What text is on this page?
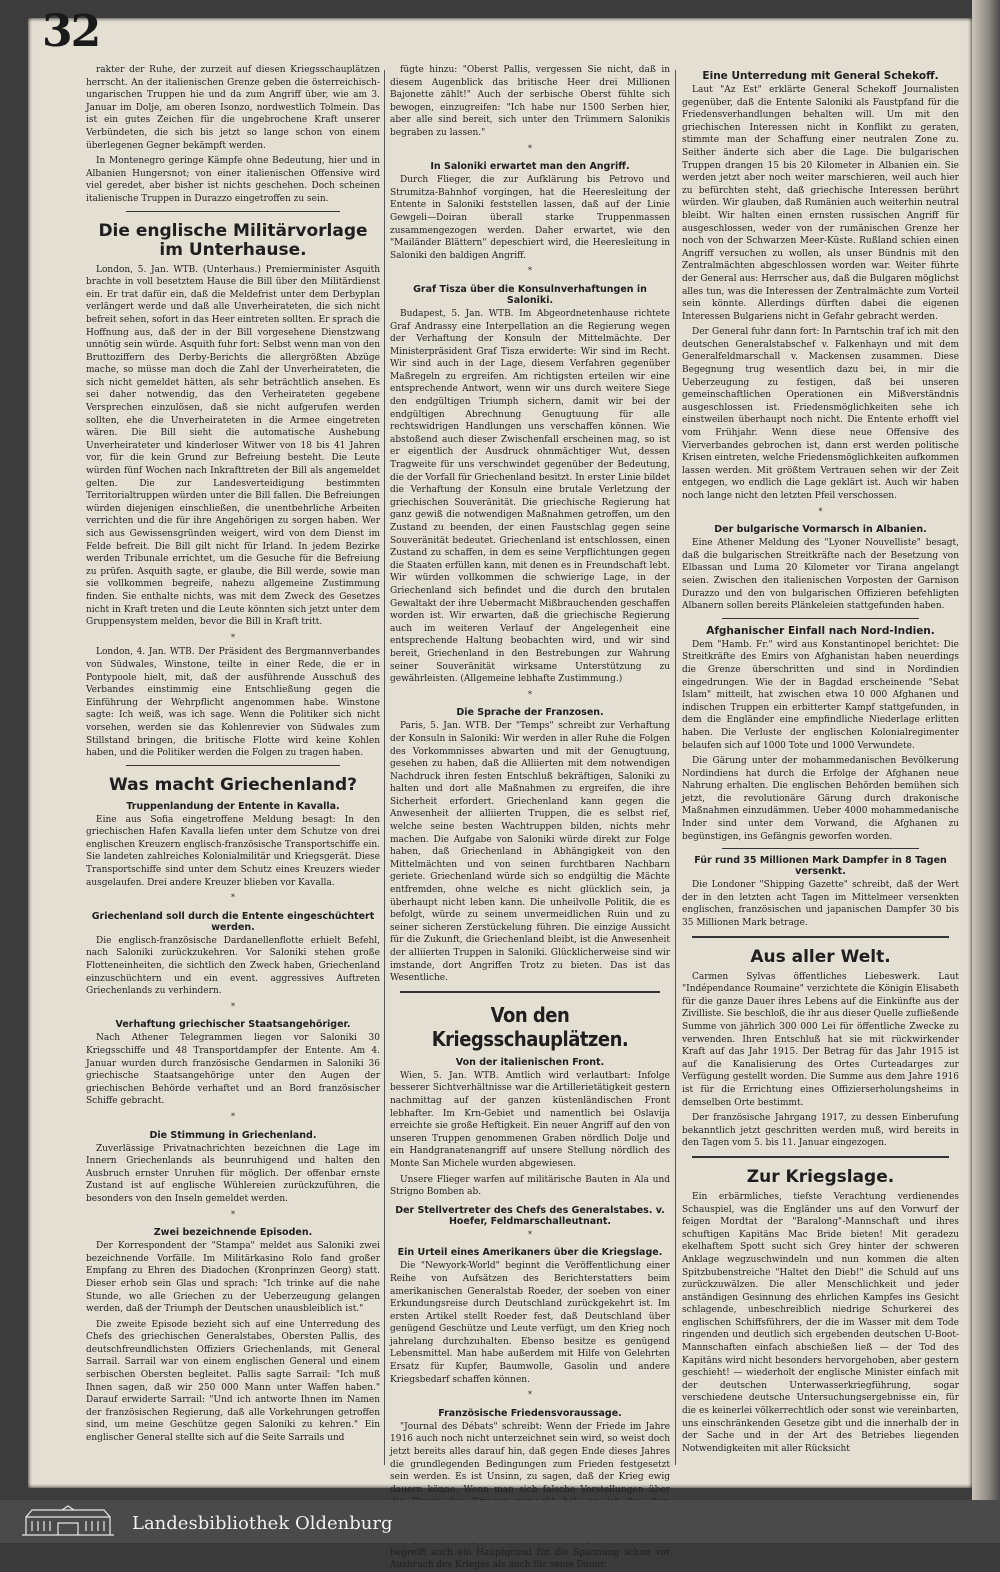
32

rakter der Ruhe, der zurzeit auf diesen Kriegsschauplätzen herrscht. An der italienischen Grenze geben die österreichisch-ungarischen Truppen hie und da zum Angriff über, wie am 3. Januar im Dolje, am oberen Isonzo, nordwestlich Tolmein. Das ist ein gutes Zeichen für die ungebrochene Kraft unserer Verbündeten, die sich bis jetzt so lange schon von einem überlegenen Gegner bekämpft werden.

In Montenegro geringe Kämpfe ohne Bedeutung, hier und in Albanien Hungersnot; von einer italienischen Offensive wird viel geredet, aber bisher ist nichts geschehen. Doch scheinen italienische Truppen in Durazzo eingetroffen zu sein.

Die englische Militärvorlage im Unterhause.

London, 5. Jan. WTB. (Unterhaus.) Premierminister Asquith brachte in voll besetztem Hause die Bill über den Militärdienst ein. Er trat dafür ein, daß die Meldefrist unter dem Derbyplan verlängert werde und daß alle Unverheirateten, die sich nicht befreit sehen, sofort in das Heer eintreten sollten. Er sprach die Hoffnung aus, daß der in der Bill vorgesehene Dienstzwang unnötig sein würde. Asquith fuhr fort: Selbst wenn man von den Bruttoziffern des Derby-Berichts die allergrößten Abzüge mache, so müsse man doch die Zahl der Unverheirateten, die sich nicht gemeldet hätten, als sehr beträchtlich ansehen. Es sei daher notwendig, das den Verheirateten gegebene Versprechen einzulösen, daß sie nicht aufgerufen werden sollten, ehe die Unverheirateten in die Armee eingetreten wären. Die Bill sieht die automatische Aushebung Unverheirateter und kinderloser Witwer von 18 bis 41 Jahren vor, für die kein Grund zur Befreiung besteht. Die Leute würden fünf Wochen nach Inkrafttreten der Bill als angemeldet gelten. Die zur Landesverteidigung bestimmten Territorialtruppen würden unter die Bill fallen. Die Befreiungen würden diejenigen einschließen, die unentbehrliche Arbeiten verrichten und die für ihre Angehörigen zu sorgen haben. Wer sich aus Gewissensgründen weigert, wird von dem Dienst im Felde befreit. Die Bill gilt nicht für Irland. In jedem Bezirke werden Tribunale errichtet, um die Gesuche für die Befreiung zu prüfen. Asquith sagte, er glaube, die Bill werde, sowie man sie vollkommen begreife, nahezu allgemeine Zustimmung finden. Sie enthalte nichts, was mit dem Zweck des Gesetzes nicht in Kraft treten und die Leute könnten sich jetzt unter dem Gruppensystem melden, bevor die Bill in Kraft tritt.

*

London, 4. Jan. WTB. Der Präsident des Bergmannverbandes von Südwales, Winstone, teilte in einer Rede, die er in Pontypoole hielt, mit, daß der ausführende Ausschuß des Verbandes einstimmig eine Entschließung gegen die Einführung der Wehrpflicht angenommen habe. Winstone sagte: Ich weiß, was ich sage. Wenn die Politiker sich nicht vorsehen, werden sie das Kohlenrevier von Südwales zum Stillstand bringen, die britische Flotte wird keine Kohlen haben, und die Politiker werden die Folgen zu tragen haben.

Was macht Griechenland?
Truppenlandung der Entente in Kavalla.

Eine aus Sofia eingetroffene Meldung besagt: In den griechischen Hafen Kavalla liefen unter dem Schutze von drei englischen Kreuzern englisch-französische Transportschiffe ein. Sie landeten zahlreiches Kolonialmilitär und Kriegsgerät. Diese Transportschiffe sind unter dem Schutz eines Kreuzers wieder ausgelaufen. Drei andere Kreuzer blieben vor Kavalla.

*
Griechenland soll durch die Entente eingeschüchtert werden.

Die englisch-französische Dardanellenflotte erhielt Befehl, nach Saloniki zurückzukehren. Vor Saloniki stehen große Flotteneinheiten, die sichtlich den Zweck haben, Griechenland einzuschüchtern und ein event. aggressives Auftreten Griechenlands zu verhindern.

*
Verhaftung griechischer Staatsangehöriger.

Nach Athener Telegrammen liegen vor Saloniki 30 Kriegsschiffe und 48 Transportdampfer der Entente. Am 4. Januar wurden durch französische Gendarmen in Saloniki 36 griechische Staatsangehörige unter den Augen der griechischen Behörde verhaftet und an Bord französischer Schiffe gebracht.

*
Die Stimmung in Griechenland.

Zuverlässige Privatnachrichten bezeichnen die Lage im Innern Griechenlands als beunruhigend und halten den Ausbruch ernster Unruhen für möglich. Der offenbar ernste Zustand ist auf englische Wühlereien zurückzuführen, die besonders von den Inseln gemeldet werden.

*
Zwei bezeichnende Episoden.

Der Korrespondent der "Stampa" meldet aus Saloniki zwei bezeichnende Vorfälle. Im Militärkasino Rolo fand großer Empfang zu Ehren des Diadochen (Kronprinzen Georg) statt. Dieser erhob sein Glas und sprach: "Ich trinke auf die nahe Stunde, wo alle Griechen zu der Ueberzeugung gelangen werden, daß der Triumph der Deutschen unausbleiblich ist."

Die zweite Episode bezieht sich auf eine Unterredung des Chefs des griechischen Generalstabes, Obersten Pallis, des deutschfreundlichsten Offiziers Griechenlands, mit General Sarrail. Sarrail war von einem englischen General und einem serbischen Obersten begleitet. Pallis sagte Sarrail: "Ich muß Ihnen sagen, daß wir 250 000 Mann unter Waffen haben." Darauf erwiderte Sarrail: "Und ich antworte Ihnen im Namen der französischen Regierung, daß alle Vorkehrungen getroffen sind, um meine Geschütze gegen Saloniki zu kehren." Ein englischer General stellte sich auf die Seite Sarrails und

fügte hinzu: "Oberst Pallis, vergessen Sie nicht, daß in diesem Augenblick das britische Heer drei Millionen Bajonette zählt!" Auch der serbische Oberst fühlte sich bewogen, einzugreifen: "Ich habe nur 1500 Serben hier, aber alle sind bereit, sich unter den Trümmern Salonikis begraben zu lassen."

*
In Saloniki erwartet man den Angriff.

Durch Flieger, die zur Aufklärung bis Petrovo und Strumitza-Bahnhof vorgingen, hat die Heeresleitung der Entente in Saloniki feststellen lassen, daß auf der Linie Gewgeli—Doiran überall starke Truppenmassen zusammengezogen werden. Daher erwartet, wie den "Mailänder Blättern" depeschiert wird, die Heeresleitung in Saloniki den baldigen Angriff.

*
Graf Tisza über die Konsulnverhaftungen in Saloniki.

Budapest, 5. Jan. WTB. Im Abgeordnetenhause richtete Graf Andrassy eine Interpellation an die Regierung wegen der Verhaftung der Konsuln der Mittelmächte. Der Ministerpräsident Graf Tisza erwiderte: Wir sind im Recht. Wir sind auch in der Lage, diesem Verfahren gegenüber Maßregeln zu ergreifen. Am richtigsten erteilen wir eine entsprechende Antwort, wenn wir uns durch weitere Siege den endgültigen Triumph sichern, damit wir bei der endgültigen Abrechnung Genugtuung für alle rechtswidrigen Handlungen uns verschaffen können. Wie abstoßend auch dieser Zwischenfall erscheinen mag, so ist er eigentlich der Ausdruck ohnmächtiger Wut, dessen Tragweite für uns verschwindet gegenüber der Bedeutung, die der Vorfall für Griechenland besitzt. In erster Linie bildet die Verhaftung der Konsuln eine brutale Verletzung der griechischen Souveränität. Die griechische Regierung hat ganz gewiß die notwendigen Maßnahmen getroffen, um den Zustand zu beenden, der einen Faustschlag gegen seine Souveränität bedeutet. Griechenland ist entschlossen, einen Zustand zu schaffen, in dem es seine Verpflichtungen gegen die Staaten erfüllen kann, mit denen es in Freundschaft lebt. Wir würden vollkommen die schwierige Lage, in der Griechenland sich befindet und die durch den brutalen Gewaltakt der ihre Uebermacht Mißbrauchenden geschaffen worden ist. Wir erwarten, daß die griechische Regierung auch im weiteren Verlauf der Angelegenheit eine entsprechende Haltung beobachten wird, und wir sind bereit, Griechenland in den Bestrebungen zur Wahrung seiner Souveränität wirksame Unterstützung zu gewährleisten. (Allgemeine lebhafte Zustimmung.)

*
Die Sprache der Franzosen.

Paris, 5. Jan. WTB. Der "Temps" schreibt zur Verhaftung der Konsuln in Saloniki: Wir werden in aller Ruhe die Folgen des Vorkommnisses abwarten und mit der Genugtuung, gesehen zu haben, daß die Alliierten mit dem notwendigen Nachdruck ihren festen Entschluß bekräftigen, Saloniki zu halten und dort alle Maßnahmen zu ergreifen, die ihre Sicherheit erfordert. Griechenland kann gegen die Anwesenheit der alliierten Truppen, die es selbst rief, welche seine besten Wachtruppen bilden, nichts mehr machen. Die Aufgabe von Saloniki würde direkt zur Folge haben, daß Griechenland in Abhängigkeit von den Mittelmächten und von seinen furchtbaren Nachbarn geriete. Griechenland würde sich so endgültig die Mächte entfremden, ohne welche es nicht glücklich sein, ja überhaupt nicht leben kann. Die unheilvolle Politik, die es befolgt, würde zu seinem unvermeidlichen Ruin und zu seiner sicheren Zerstückelung führen. Die einzige Aussicht für die Zukunft, die Griechenland bleibt, ist die Anwesenheit der alliierten Truppen in Saloniki. Glücklicherweise sind wir imstande, dort Angriffen Trotz zu bieten. Das ist das Wesentliche.

Von den Kriegsschauplätzen.
Von der italienischen Front.

Wien, 5. Jan. WTB. Amtlich wird verlautbart: Infolge besserer Sichtverhältnisse war die Artillerietätigkeit gestern nachmittag auf der ganzen küstenländischen Front lebhafter. Im Krn-Gebiet und namentlich bei Oslavija erreichte sie große Heftigkeit. Ein neuer Angriff auf den von unseren Truppen genommenen Graben nördlich Dolje und ein Handgranatenangriff auf unsere Stellung nördlich des Monte San Michele wurden abgewiesen.

Unsere Flieger warfen auf militärische Bauten in Ala und Strigno Bomben ab.

Der Stellvertreter des Chefs des Generalstabes. v. Hoefer, Feldmarschalleutnant.
*
Ein Urteil eines Amerikaners über die Kriegslage.

Die "Newyork-World" beginnt die Veröffentlichung einer Reihe von Aufsätzen des Berichterstatters beim amerikanischen Generalstab Roeder, der soeben von einer Erkundungsreise durch Deutschland zurückgekehrt ist. Im ersten Artikel stellt Roeder fest, daß Deutschland über genügend Geschütze und Leute verfügt, um den Krieg noch jahrelang durchzuhalten. Ebenso besitze es genügend Lebensmittel. Man habe außerdem mit Hilfe von Gelehrten Ersatz für Kupfer, Baumwolle, Gasolin und andere Kriegsbedarf schaffen können.

*
Französische Friedensvoraussage.

"Journal des Débats" schreibt: Wenn der Friede im Jahre 1916 auch noch nicht unterzeichnet sein wird, so weist doch jetzt bereits alles darauf hin, daß gegen Ende dieses Jahres die grundlegenden Bedingungen zum Frieden festgesetzt sein werden. Es ist Unsinn, zu sagen, daß der Krieg ewig dauern könne. Wenn man sich falsche Vorstellungen über begreift auch ein Hauptgrund für die Spannung schon vor Ausbruch des Krieges als auch für seine Dauer.

Eine Unterredung mit General Schekoff.

Laut "Az Est" erklärte General Schekoff Journalisten gegenüber, daß die Entente Saloniki als Faustpfand für die Friedensverhandlungen behalten will. Um mit den griechischen Interessen nicht in Konflikt zu geraten, stimmte man der Schaffung einer neutralen Zone zu. Seither änderte sich aber die Lage. Die bulgarischen Truppen drangen 15 bis 20 Kilometer in Albanien ein. Sie werden jetzt aber noch weiter marschieren, weil auch hier zu befürchten steht, daß griechische Interessen berührt würden. Wir glauben, daß Rumänien auch weiterhin neutral bleibt. Wir halten einen ernsten russischen Angriff für ausgeschlossen, weder von der rumänischen Grenze her noch von der Schwarzen Meer-Küste. Rußland schien einen Angriff versuchen zu wollen, als unser Bündnis mit den Zentralmächten abgeschlossen worden war. Weiter führte der General aus: Herrscher aus, daß die Bulgaren möglichst alles tun, was die Interessen der Zentralmächte zum Vorteil sein könnte. Allerdings dürften dabei die eigenen Interessen Bulgariens nicht in Gefahr gebracht werden.

Der General fuhr dann fort: In Parntschin traf ich mit den deutschen Generalstabschef v. Falkenhayn und mit dem Generalfeldmarschall v. Mackensen zusammen. Diese Begegnung trug wesentlich dazu bei, in mir die Ueberzeugung zu festigen, daß bei unseren gemeinschaftlichen Operationen ein Mißverständnis ausgeschlossen ist. Friedensmöglichkeiten sehe ich einstweilen überhaupt noch nicht. Die Entente erhofft viel vom Frühjahr. Wenn diese neue Offensive des Vierverbandes gebrochen ist, dann erst werden politische Krisen eintreten, welche Friedensmöglichkeiten aufkommen lassen werden. Mit größtem Vertrauen sehen wir der Zeit entgegen, wo endlich die Lage geklärt ist. Auch wir haben noch lange nicht den letzten Pfeil verschossen.

*
Der bulgarische Vormarsch in Albanien.

Eine Athener Meldung des "Lyoner Nouvelliste" besagt, daß die bulgarischen Streitkräfte nach der Besetzung von Elbassan und Luma 20 Kilometer vor Tirana angelangt seien. Zwischen den italienischen Vorposten der Garnison Durazzo und den von bulgarischen Offizieren befehligten Albanern sollen bereits Plänkeleien stattgefunden haben.

Afghanischer Einfall nach Nord-Indien.

Dem "Hamb. Fr." wird aus Konstantinopel berichtet: Die Streitkräfte des Emirs von Afghanistan haben neuerdings die Grenze überschritten und sind in Nordindien eingedrungen. Wie der in Bagdad erscheinende "Sebat Islam" mitteilt, hat zwischen etwa 10 000 Afghanen und indischen Truppen ein erbitterter Kampf stattgefunden, in dem die Engländer eine empfindliche Niederlage erlitten haben. Die Verluste der englischen Kolonialregimenter belaufen sich auf 1000 Tote und 1000 Verwundete.

Die Gärung unter der mohammedanischen Bevölkerung Nordindiens hat durch die Erfolge der Afghanen neue Nahrung erhalten. Die englischen Behörden bemühen sich jetzt, die revolutionäre Gärung durch drakonische Maßnahmen einzudämmen. Ueber 4000 mohammedanische Inder sind unter dem Vorwand, die Afghanen zu begünstigen, ins Gefängnis geworfen worden.

Für rund 35 Millionen Mark Dampfer in 8 Tagen versenkt.

Die Londoner "Shipping Gazette" schreibt, daß der Wert der in den letzten acht Tagen im Mittelmeer versenkten englischen, französischen und japanischen Dampfer 30 bis 35 Millionen Mark betrage.

Aus aller Welt.

Carmen Sylvas öffentliches Liebeswerk. Laut "Indépendance Roumaine" verzichtete die Königin Elisabeth für die ganze Dauer ihres Lebens auf die Einkünfte aus der Zivilliste. Sie beschloß, die ihr aus dieser Quelle zufließende Summe von jährlich 300 000 Lei für öffentliche Zwecke zu verwenden. Ihren Entschluß hat sie mit rückwirkender Kraft auf das Jahr 1915. Der Betrag für das Jahr 1915 ist auf die Kanalisierung des Ortes Curteadarges zur Verfügung gestellt worden. Die Summe aus dem Jahre 1916 ist für die Errichtung eines Offizierserholungsheims in demselben Orte bestimmt.

Der französische Jahrgang 1917, zu dessen Einberufung bekanntlich jetzt geschritten werden muß, wird bereits in den Tagen vom 5. bis 11. Januar eingezogen.

Zur Kriegslage.

Ein erbärmliches, tiefste Verachtung verdienendes Schauspiel, was die Engländer uns auf den Vorwurf der feigen Mordtat der "Baralong"-Mannschaft und ihres schuftigen Kapitäns Mac Bride bieten! Mit geradezu ekelhaftem Spott sucht sich Grey hinter der schweren Anklage wegzuschwindeln und nun kommen die alten Spitzbubenstreiche "Haltet den Dieb!" die Schuld auf uns zurückzuwälzen. Die aller Menschlichkeit und jeder anständigen Gesinnung des ehrlichen Kampfes ins Gesicht schlagende, unbeschreiblich niedrige Schurkerei des englischen Schiffsführers, der die im Wasser mit dem Tode ringenden und deutlich sich ergebenden deutschen U-Boot-Mannschaften einfach abschießen ließ — der Tod des Kapitäns wird nicht besonders hervorgehoben, aber gestern geschieht! — wiederholt der englische Minister einfach mit der deutschen Unterwasserkriegführung, sogar verschiedene deutsche Untersuchungsergebnisse ein, für die es keinerlei völkerrechtlich oder sonst wie vereinbarten, uns einschränkenden Gesetze gibt und die innerhalb der in der Sache und in der Art des Betriebes liegenden Notwendigkeiten mit aller Rücksicht

Landesbibliothek Oldenburg
